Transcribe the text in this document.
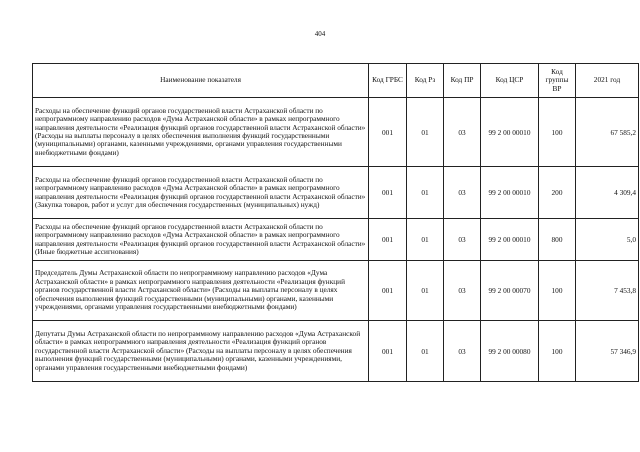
404
Наименование показателя	Код ГРБС	Код Рз	Код ПР	Код ЦСР	Код группы ВР	2021 год
Расходы на обеспечение функций органов государственной власти Астраханской области по непрограммному направлению расходов «Дума Астраханской области» в рамках непрограммного направления деятельности «Реализация функций органов государственной власти Астраханской области» (Расходы на выплаты персоналу в целях обеспечения выполнения функций государственными (муниципальными) органами, казенными учреждениями, органами управления государственными внебюджетными фондами)	001	01	03	99 2 00 00010	100	67 585,2
Расходы на обеспечение функций органов государственной власти Астраханской области по непрограммному направлению расходов «Дума Астраханской области» в рамках непрограммного направления деятельности «Реализация функций органов государственной власти Астраханской области» (Закупка товаров, работ и услуг для обеспечения государственных (муниципальных) нужд)	001	01	03	99 2 00 00010	200	4 309,4
Расходы на обеспечение функций органов государственной власти Астраханской области по непрограммному направлению расходов «Дума Астраханской области» в рамках непрограммного направления деятельности «Реализация функций органов государственной власти Астраханской области» (Иные бюджетные ассигнования)	001	01	03	99 2 00 00010	800	5,0
Председатель Думы Астраханской области по непрограммному направлению расходов «Дума Астраханской области» в рамках непрограммного направления деятельности «Реализация функций органов государственной власти Астраханской области» (Расходы на выплаты персоналу в целях обеспечения выполнения функций государственными (муниципальными) органами, казенными учреждениями, органами управления государственными внебюджетными фондами)	001	01	03	99 2 00 00070	100	7 453,8
Депутаты Думы Астраханской области по непрограммному направлению расходов «Дума Астраханской области» в рамках непрограммного направления деятельности «Реализация функций органов государственной власти Астраханской области» (Расходы на выплаты персоналу в целях обеспечения выполнения функций государственными (муниципальными) органами, казенными учреждениями, органами управления государственными внебюджетными фондами)	001	01	03	99 2 00 00080	100	57 346,9
